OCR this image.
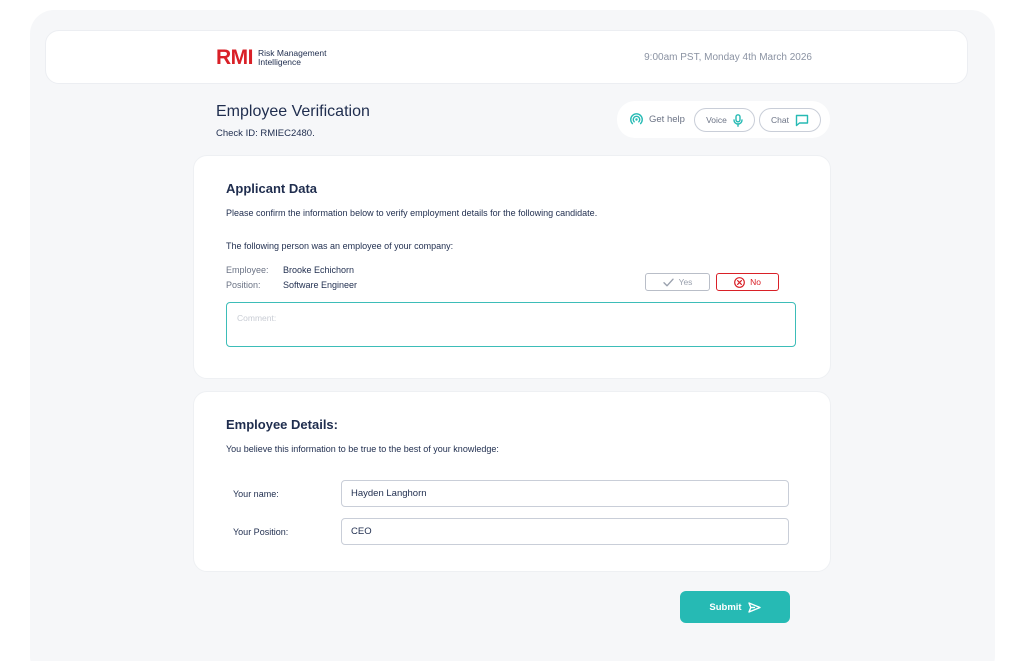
RMI Risk Management Intelligence	9:00am PST, Monday 4th March 2026
Employee Verification
Check ID: RMIEC2480.
Get help Voice	Chat
Applicant Data
Please confirm the information below to verify employment details for the following candidate.
The following person was an employee of your company:
Employee: Brooke Echichorn
Position: Software Engineer	Yes	No
Comment:
Employee Details:
You believe this information to be true to the best of your knowledge:
Your name:
Hayden Langhorn
Your Position:
CEO
Submit
